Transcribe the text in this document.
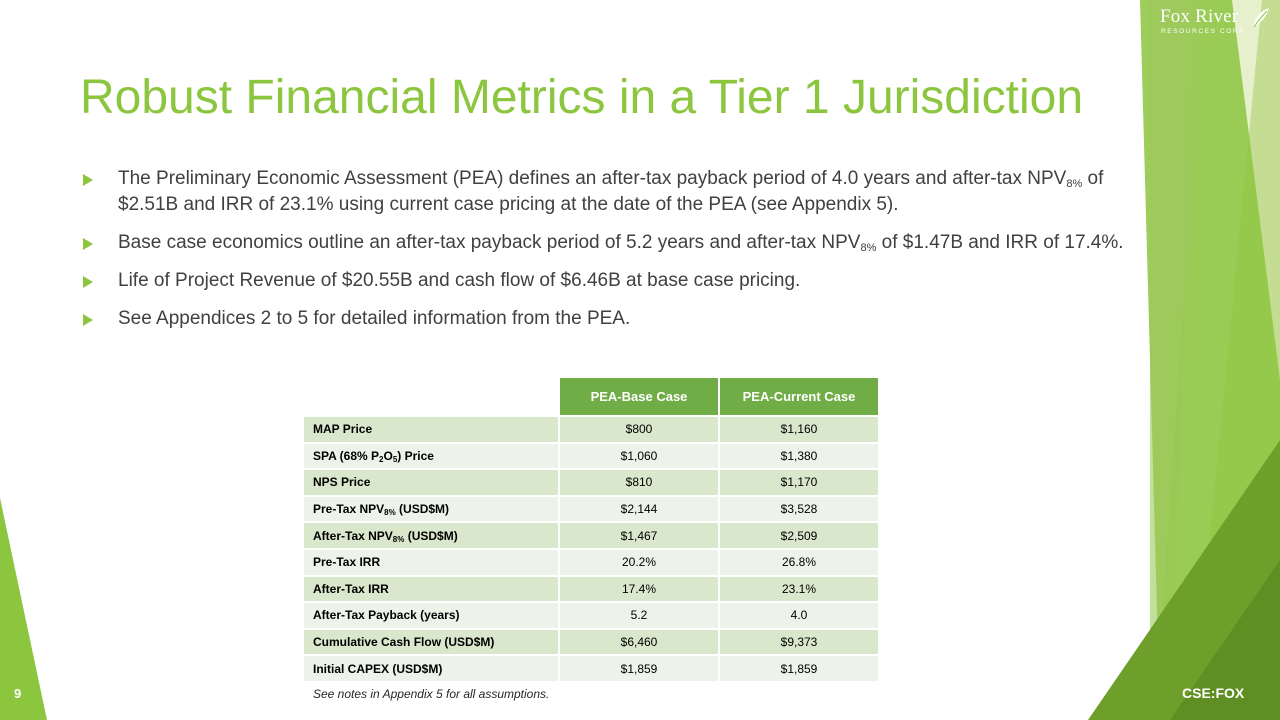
Fox River
RESOURCES CORP
Robust Financial Metrics in a Tier 1 Jurisdiction
The Preliminary Economic Assessment (PEA) defines an after-tax payback period of 4.0 years and after-tax $NPV_{8\%}$ of $2.51B and IRR of 23.1% using current case pricing at the date of the PEA (see Appendix 5).
Base case economics outline an after-tax payback period of 5.2 years and after-tax $NPV_{8\%}$ of $1.47B and IRR of 17.4%.
Life of Project Revenue of $20.55B and cash flow of $6.46B at base case pricing.
See Appendices 2 to 5 for detailed information from the PEA.
	PEA-Base Case	PEA-Current Case
MAP Price	$800	$1,160
SPA (68% $P_2O_5$) Price	$1,060	$1,380
NPS Price	$810	$1,170
Pre-Tax $NPV_{8\%}$ (USD$M)	$2,144	$3,528
After-Tax $NPV_{8\%}$ (USD$M)	$1,467	$2,509
Pre-Tax IRR	20.2%	26.8%
After-Tax IRR	17.4%	23.1%
After-Tax Payback (years)	5.2	4.0
Cumulative Cash Flow (USD$M)	$6,460	$9,373
Initial CAPEX (USD$M)	$1,859	$1,859
See notes in Appendix 5 for all assumptions.
9	CSE:FOX
